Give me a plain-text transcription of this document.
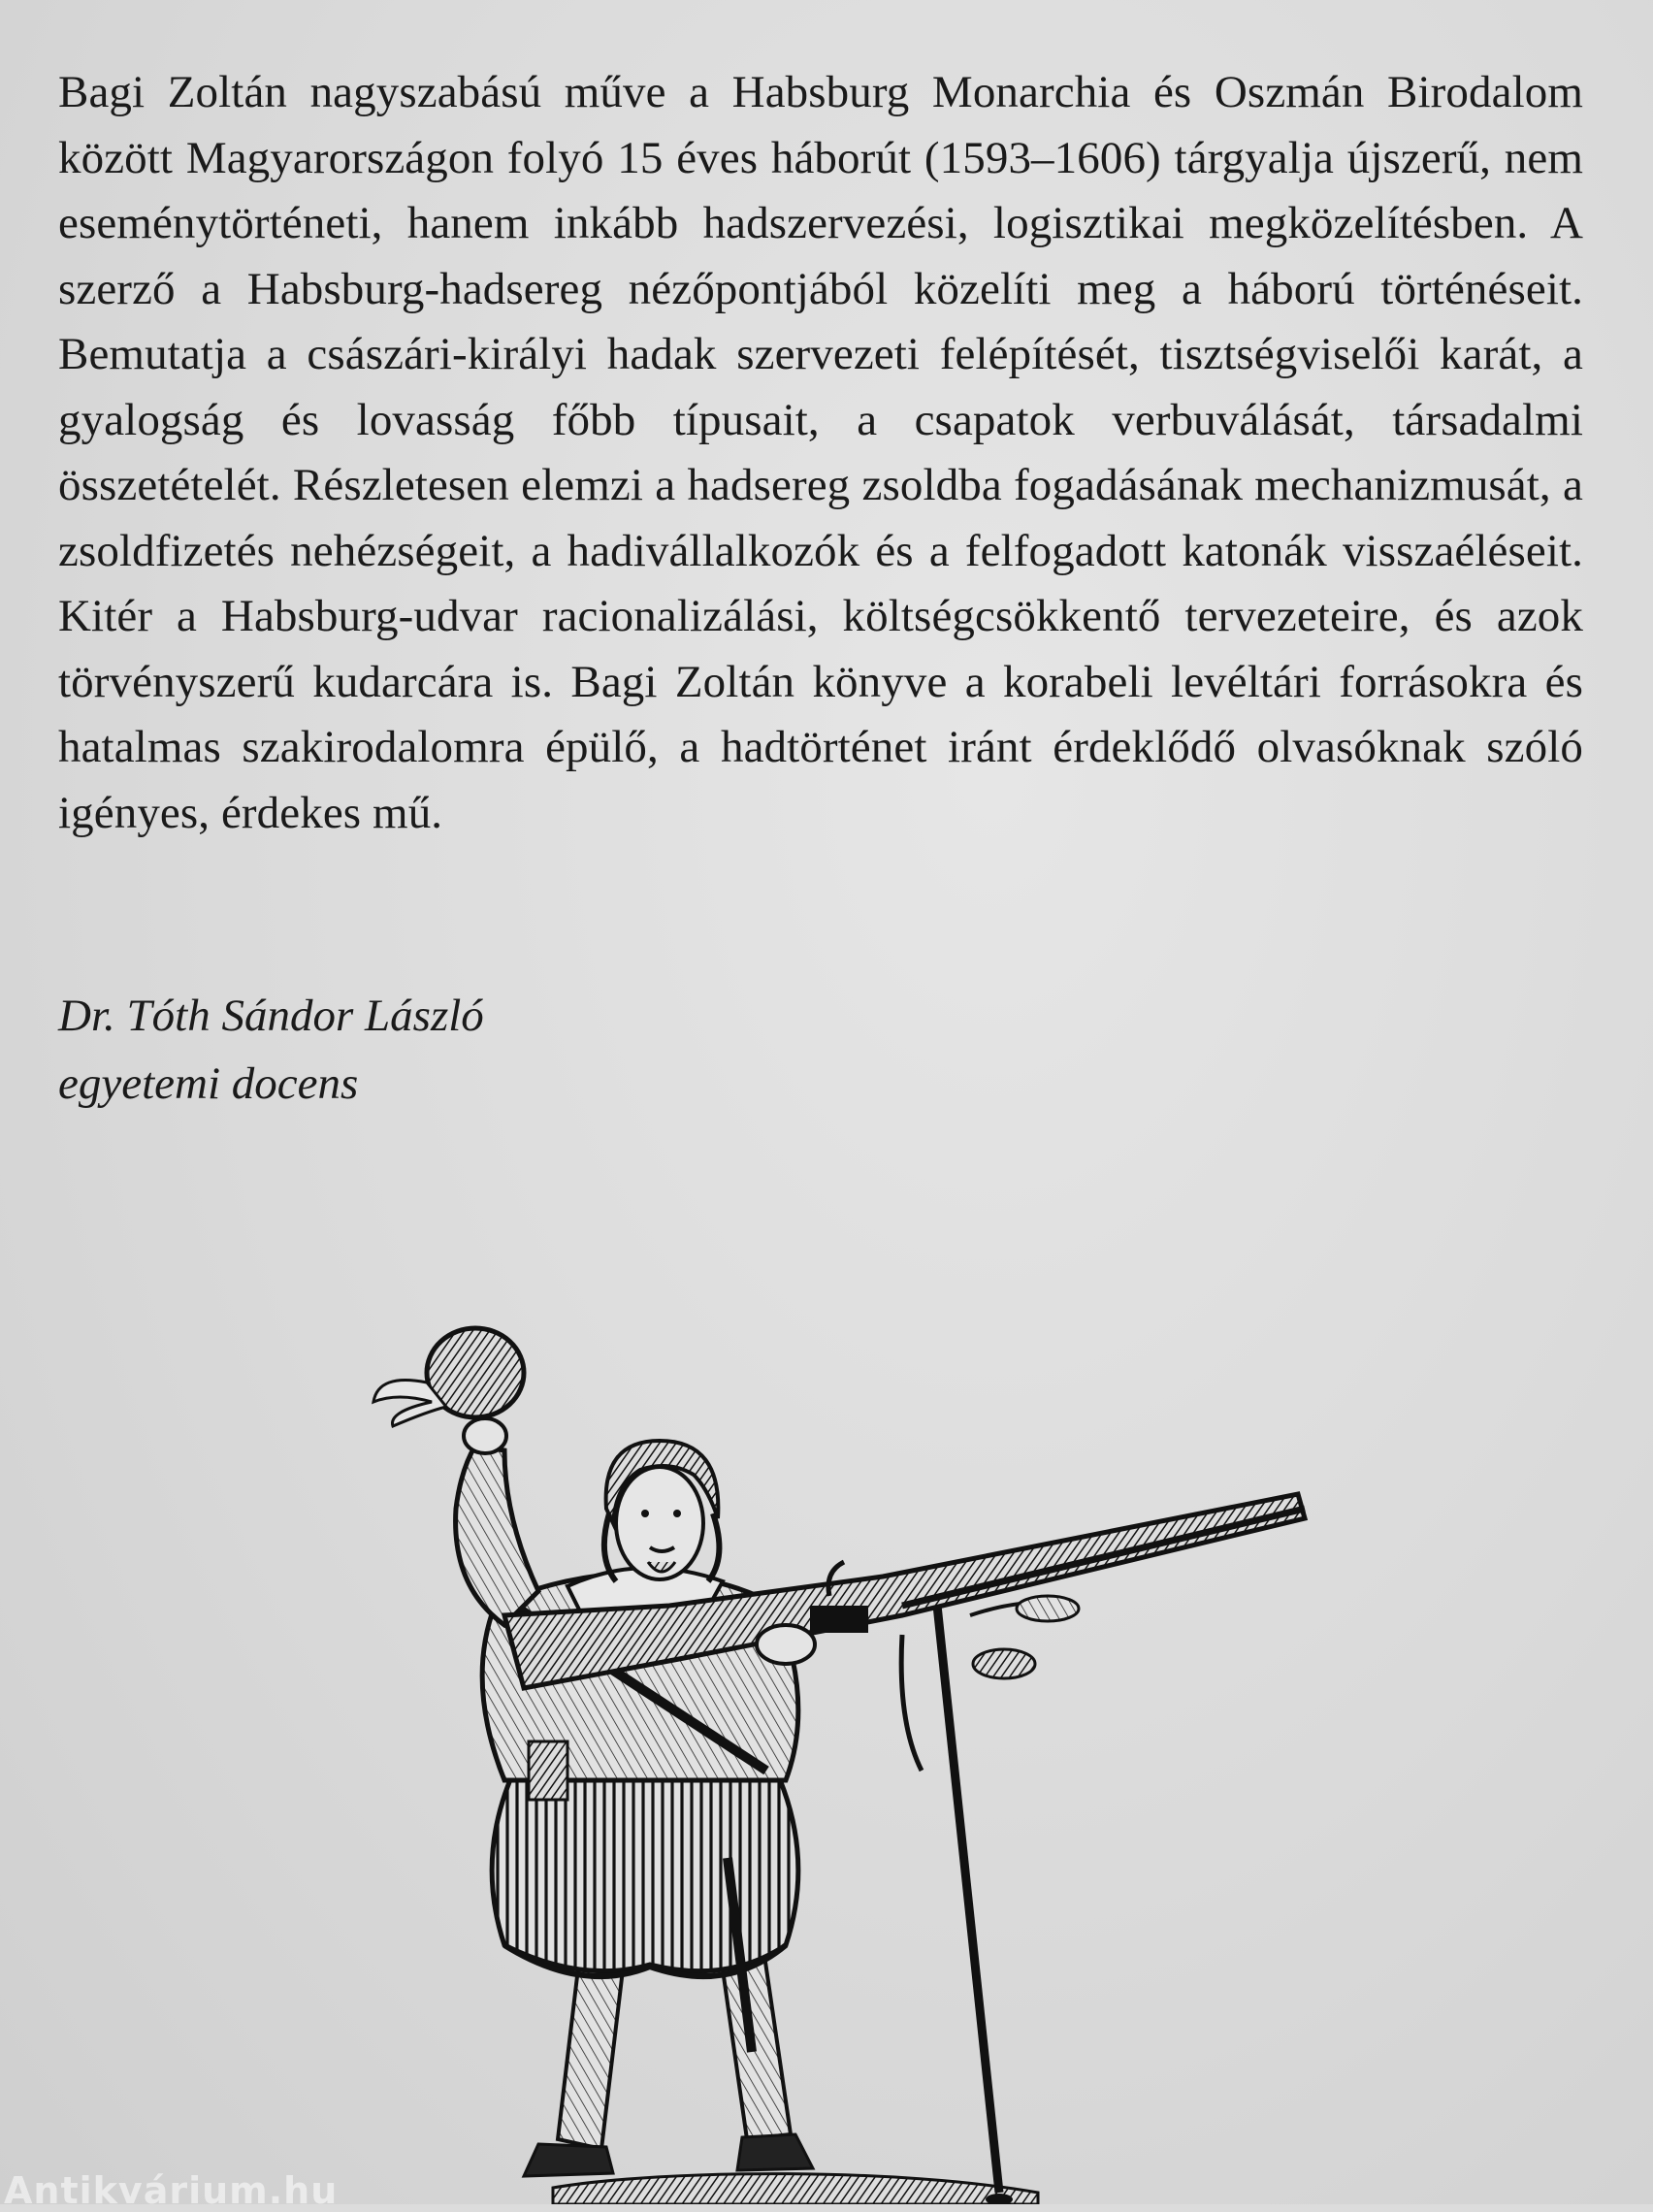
Bagi Zoltán nagyszabású műve a Habsburg Monarchia és Oszmán Birodalom között Magyarországon folyó 15 éves háborút (1593–1606) tárgyalja újszerű, nem eseménytörténeti, hanem inkább hadszervezési, logisztikai megközelítésben. A szerző a Habsburg-hadsereg nézőpontjából közelíti meg a háború történéseit. Bemutatja a császári-királyi hadak szervezeti felépítését, tisztségviselői karát, a gyalogság és lovasság főbb típusait, a csapatok verbuválását, társadalmi összetételét. Részletesen elemzi a hadsereg zsoldba fogadásának mechanizmusát, a zsoldfizetés nehézségeit, a hadivállalkozók és a felfogadott katonák visszaéléseit. Kitér a Habsburg-udvar racionalizálási, költségcsökkentő tervezeteire, és azok törvényszerű kudarcára is. Bagi Zoltán könyve a korabeli levéltári forrásokra és hatalmas szakirodalomra épülő, a hadtörténet iránt érdeklődő olvasóknak szóló igényes, érdekes mű.

Dr. Tóth Sándor László
egyetemi docens
Antikvárium.hu
